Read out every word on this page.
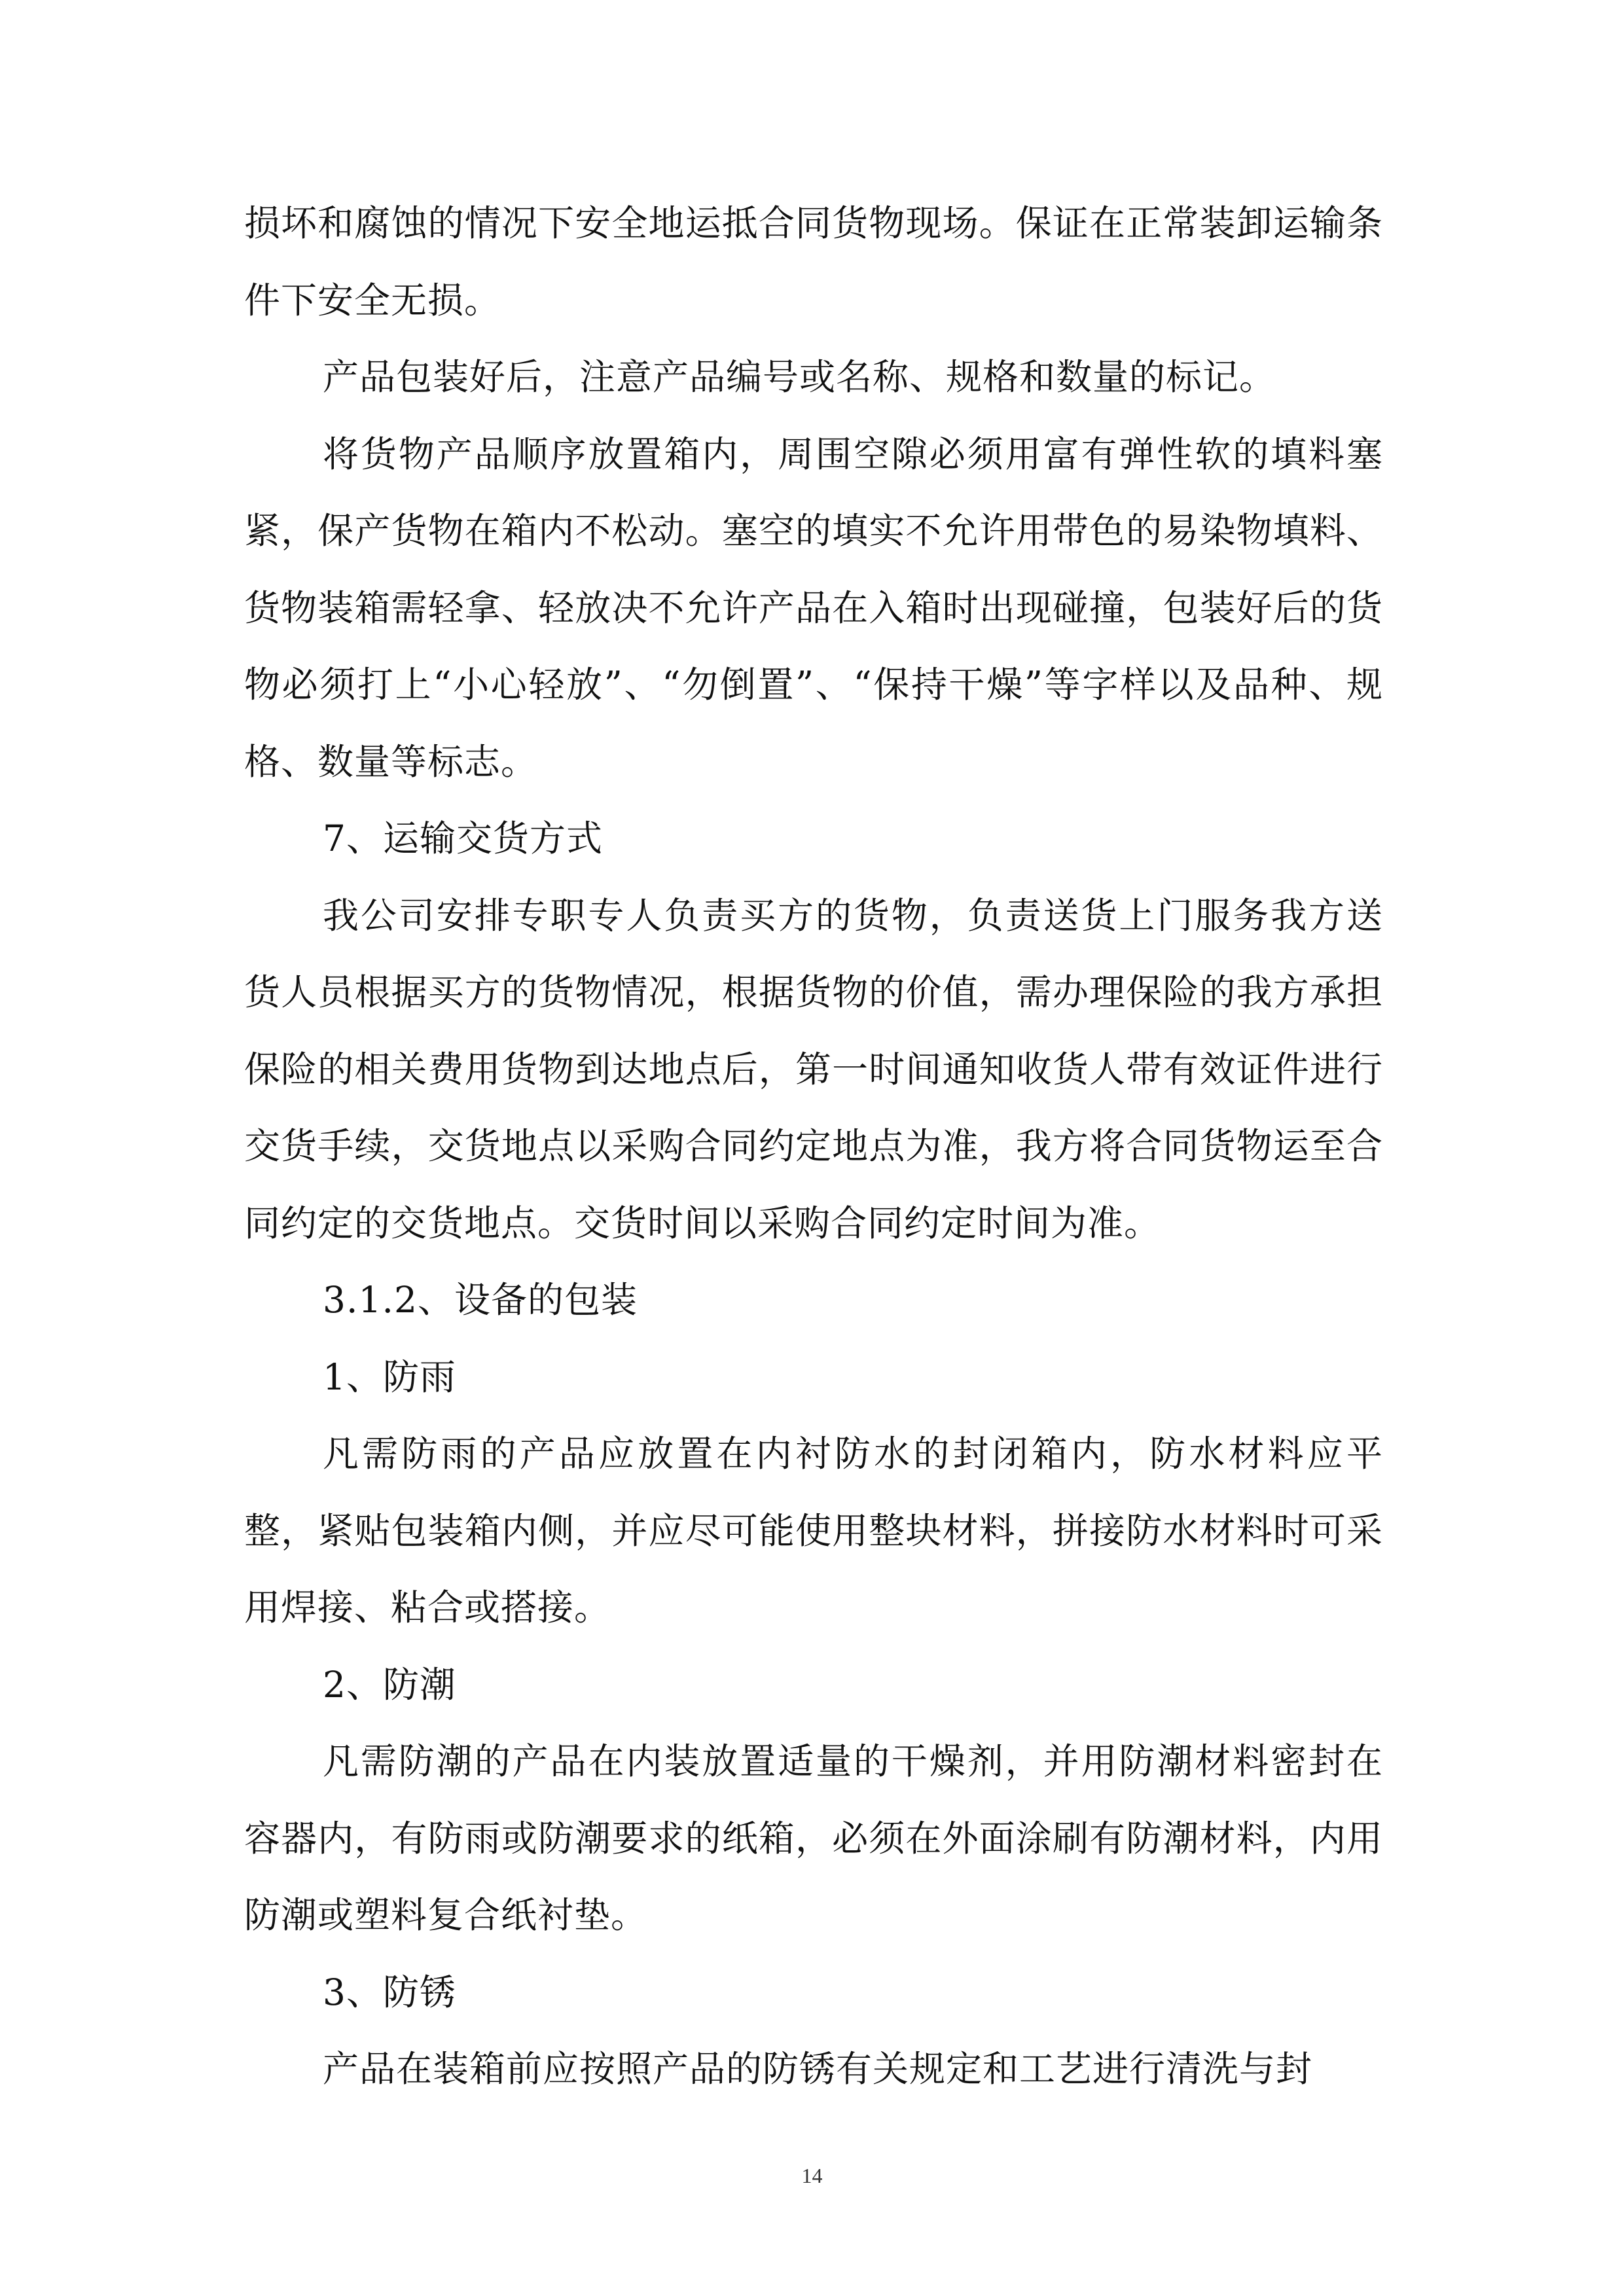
损坏和腐蚀的情况下安全地运抵合同货物现场。保证在正常装卸运输条件下安全无损。

产品包装好后，注意产品编号或名称、规格和数量的标记。

将货物产品顺序放置箱内，周围空隙必须用富有弹性软的填料塞紧，保产货物在箱内不松动。塞空的填实不允许用带色的易染物填料、货物装箱需轻拿、轻放决不允许产品在入箱时出现碰撞，包装好后的货物必须打上“小心轻放”、“勿倒置”、“保持干燥”等字样以及品种、规格、数量等标志。

7、运输交货方式

我公司安排专职专人负责买方的货物，负责送货上门服务我方送货人员根据买方的货物情况，根据货物的价值，需办理保险的我方承担保险的相关费用货物到达地点后，第一时间通知收货人带有效证件进行交货手续，交货地点以采购合同约定地点为准，我方将合同货物运至合同约定的交货地点。交货时间以采购合同约定时间为准。

3.1.2、设备的包装

1、防雨

凡需防雨的产品应放置在内衬防水的封闭箱内，防水材料应平整，紧贴包装箱内侧，并应尽可能使用整块材料，拼接防水材料时可采用焊接、粘合或搭接。

2、防潮

凡需防潮的产品在内装放置适量的干燥剂，并用防潮材料密封在容器内，有防雨或防潮要求的纸箱，必须在外面涂刷有防潮材料，内用防潮或塑料复合纸衬垫。

3、防锈

产品在装箱前应按照产品的防锈有关规定和工艺进行清洗与封

14
